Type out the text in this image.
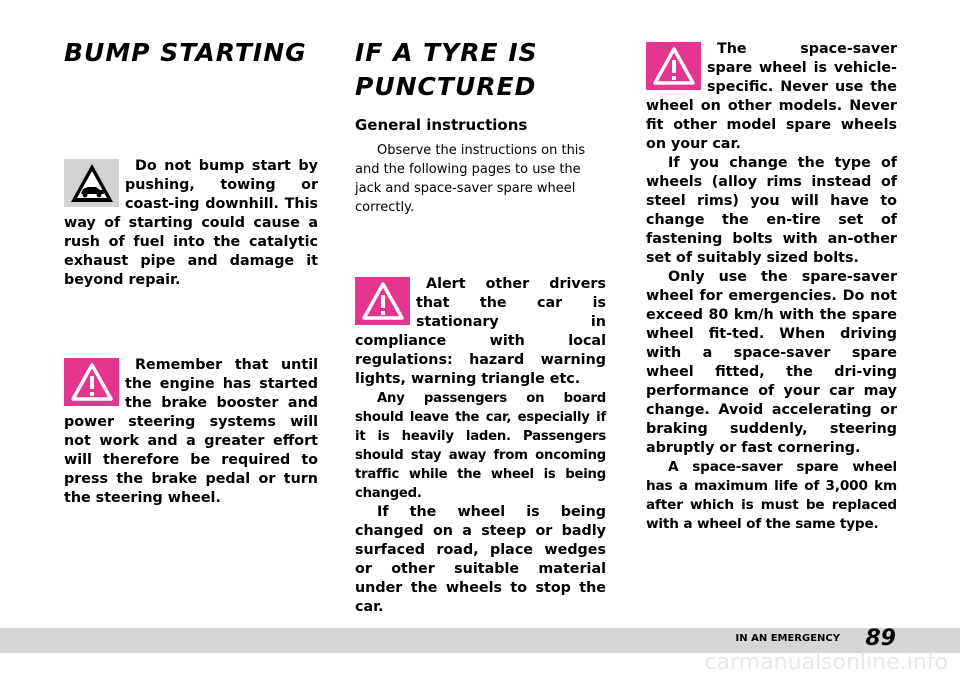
BUMP STARTING

Do not bump start by pushing, towing or coast-ing downhill. This way of starting could cause a rush of fuel into the catalytic exhaust pipe and damage it beyond repair.

Remember that until the engine has started the brake booster and power steering systems will not work and a greater effort will therefore be required to press the brake pedal or turn the steering wheel.

IF A TYRE IS
PUNCTURED
General instructions

Observe the instructions on this and the following pages to use the jack and space-saver spare wheel correctly.

Alert other drivers that the car is stationary in compliance with local regulations: hazard warning lights, warning triangle etc.

Any passengers on board should leave the car, especially if it is heavily laden. Passengers should stay away from oncoming traffic while the wheel is being changed.

If the wheel is being changed on a steep or badly surfaced road, place wedges or other suitable material under the wheels to stop the car.

The space-saver spare wheel is vehicle-specific. Never use the wheel on other models. Never fit other model spare wheels on your car.

If you change the type of wheels (alloy rims instead of steel rims) you will have to change the en-tire set of fastening bolts with an-other set of suitably sized bolts.

Only use the spare-saver wheel for emergencies. Do not exceed 80 km/h with the spare wheel fit-ted. When driving with a space-saver spare wheel fitted, the dri-ving performance of your car may change. Avoid accelerating or braking suddenly, steering abruptly or fast cornering.

A space-saver spare wheel has a maximum life of 3,000 km after which is must be replaced with a wheel of the same type.

IN AN EMERGENCY 89
carmanualsonline.info
